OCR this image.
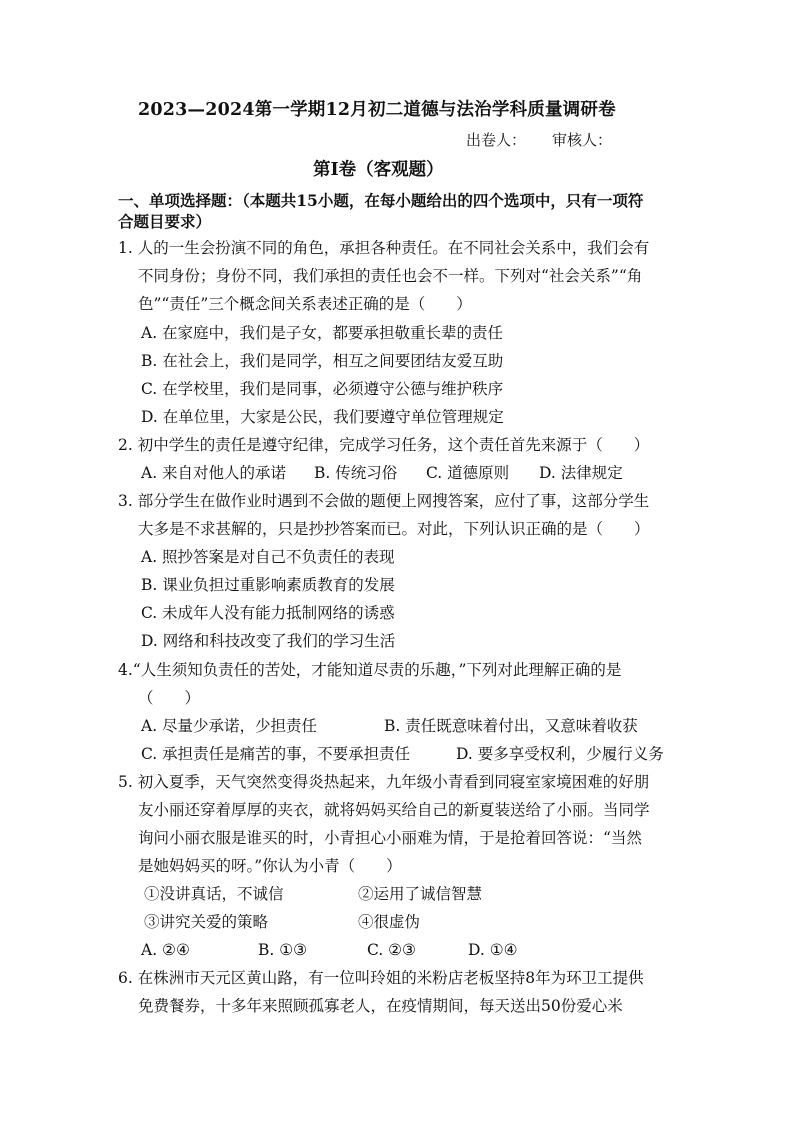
2023—2024第一学期12月初二道德与法治学科质量调研卷
出卷人： 审核人：
第Ⅰ卷（客观题）
一、单项选择题：（本题共15小题，在每小题给出的四个选项中，只有一项符
合题目要求）
1. 人的一生会扮演不同的角色，承担各种责任。在不同社会关系中，我们会有
不同身份；身份不同，我们承担的责任也会不一样。下列对“社会关系”“角
色”“责任”三个概念间关系表述正确的是（　　）
A. 在家庭中，我们是子女，都要承担敬重长辈的责任
B. 在社会上，我们是同学，相互之间要团结友爱互助
C. 在学校里，我们是同事，必须遵守公德与维护秩序
D. 在单位里，大家是公民，我们要遵守单位管理规定
2. 初中学生的责任是遵守纪律，完成学习任务，这个责任首先来源于（　　）
A. 来自对他人的承诺 B. 传统习俗 C. 道德原则 D. 法律规定
3. 部分学生在做作业时遇到不会做的题便上网搜答案，应付了事，这部分学生
大多是不求甚解的，只是抄抄答案而已。对此，下列认识正确的是（　　）
A. 照抄答案是对自己不负责任的表现
B. 课业负担过重影响素质教育的发展
C. 未成年人没有能力抵制网络的诱惑
D. 网络和科技改变了我们的学习生活
4.“人生须知负责任的苦处，才能知道尽责的乐趣，”下列对此理解正确的是
（　　）
A. 尽量少承诺，少担责任	B. 责任既意味着付出，又意味着收获
C. 承担责任是痛苦的事，不要承担责任	D. 要多享受权利，少履行义务
5. 初入夏季，天气突然变得炎热起来，九年级小青看到同寝室家境困难的好朋
友小丽还穿着厚厚的夹衣，就将妈妈买给自己的新夏装送给了小丽。当同学
询问小丽衣服是谁买的时，小青担心小丽难为情，于是抢着回答说：“当然
是她妈妈买的呀。”你认为小青（　　）
①没讲真话，不诚信	②运用了诚信智慧
③讲究关爱的策略	④很虚伪
A. ②④	B. ①③	C. ②③	D. ①④
6. 在株洲市天元区黄山路，有一位叫玲姐的米粉店老板坚持8年为环卫工提供
免费餐券，十多年来照顾孤寡老人，在疫情期间，每天送出50份爱心米
